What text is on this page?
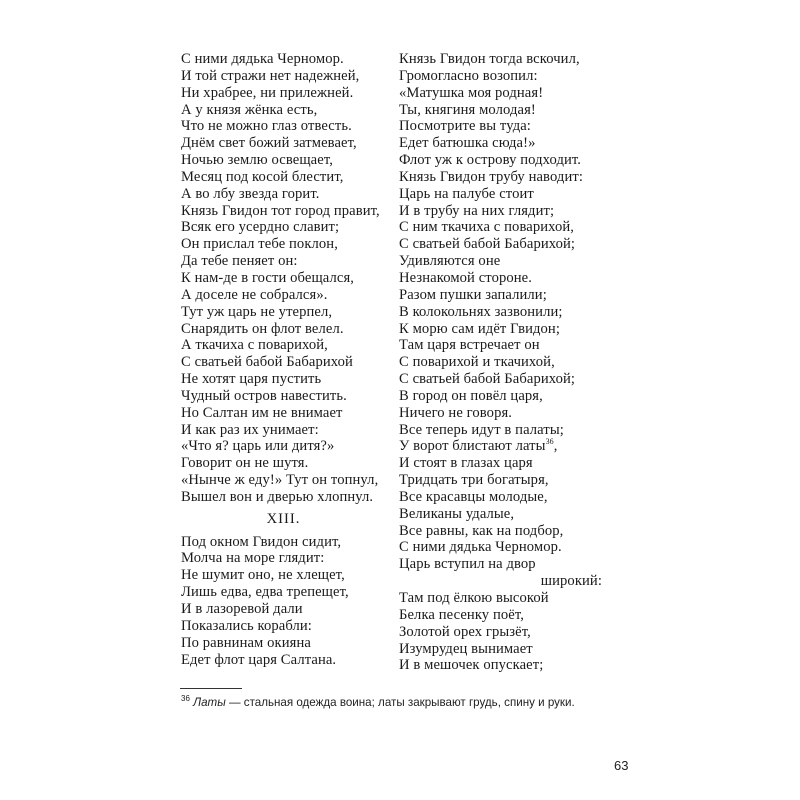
С ними дядька Черномор.
И той стражи нет надежней,
Ни храбрее, ни прилежней.
А у князя жёнка есть,
Что не можно глаз отвесть.
Днём свет божий затмевает,
Ночью землю освещает,
Месяц под косой блестит,
А во лбу звезда горит.
Князь Гвидон тот город правит,
Всяк его усердно славит;
Он прислал тебе поклон,
Да тебе пеняет он:
К нам-де в гости обещался,
А доселе не собрался».
Тут уж царь не утерпел,
Снарядить он флот велел.
А ткачиха с поварихой,
С сватьей бабой Бабарихой
Не хотят царя пустить
Чудный остров навестить.
Но Салтан им не внимает
И как раз их унимает:
«Что я? царь или дитя?»
Говорит он не шутя.
«Нынче ж еду!» Тут он топнул,
Вышел вон и дверью хлопнул.
XIII.
Под окном Гвидон сидит,
Молча на море глядит:
Не шумит оно, не хлещет,
Лишь едва, едва трепещет,
И в лазоревой дали
Показались корабли:
По равнинам окияна
Едет флот царя Салтана.
Князь Гвидон тогда вскочил,
Громогласно возопил:
«Матушка моя родная!
Ты, княгиня молодая!
Посмотрите вы туда:
Едет батюшка сюда!»
Флот уж к острову подходит.
Князь Гвидон трубу наводит:
Царь на палубе стоит
И в трубу на них глядит;
С ним ткачиха с поварихой,
С сватьей бабой Бабарихой;
Удивляются оне
Незнакомой стороне.
Разом пушки запалили;
В колокольнях зазвонили;
К морю сам идёт Гвидон;
Там царя встречает он
С поварихой и ткачихой,
С сватьей бабой Бабарихой;
В город он повёл царя,
Ничего не говоря.
Все теперь идут в палаты;
У ворот блистают латы$^{36}$,
И стоят в глазах царя
Тридцать три богатыря,
Все красавцы молодые,
Великаны удалые,
Все равны, как на подбор,
С ними дядька Черномор.
Царь вступил на двор
широкий:
Там под ёлкою высокой
Белка песенку поёт,
Золотой орех грызёт,
Изумрудец вынимает
И в мешочек опускает;
$^{36}$ Латы — стальная одежда воина; латы закрывают грудь, спину и руки.
63
